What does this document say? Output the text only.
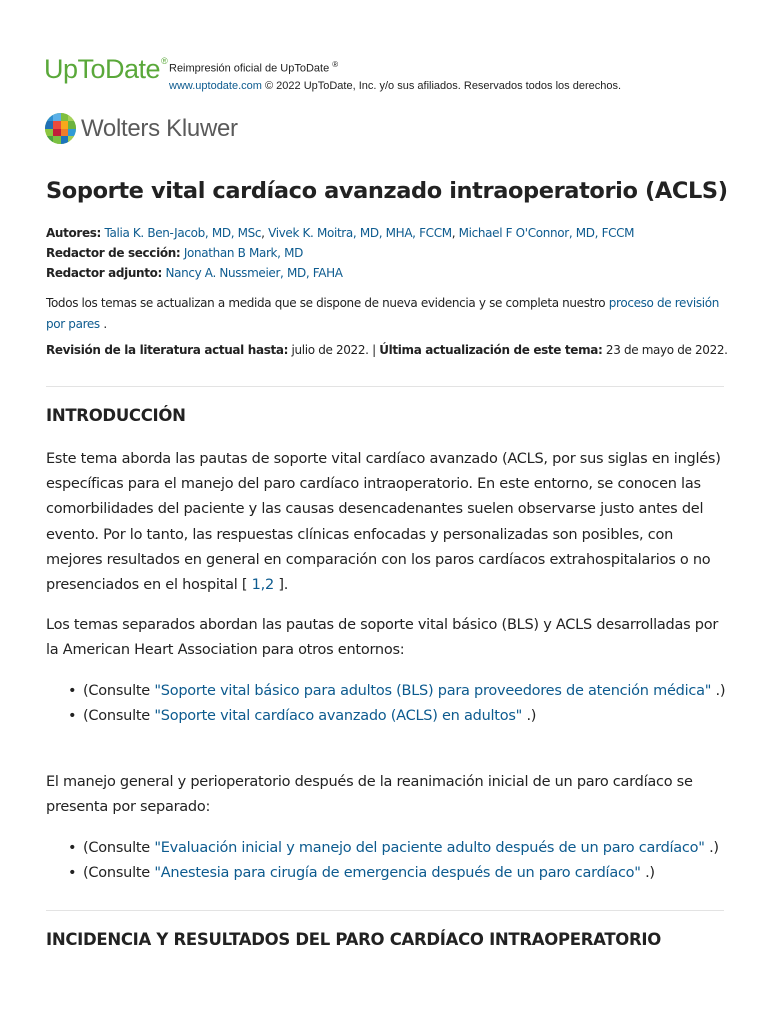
UpToDate®
Reimpresión oficial de UpToDate ®
www.uptodate.com © 2022 UpToDate, Inc. y/o sus afiliados. Reservados todos los derechos.
Wolters Kluwer
Soporte vital cardíaco avanzado intraoperatorio (ACLS)
Autores: Talia K. Ben-Jacob, MD, MSc, Vivek K. Moitra, MD, MHA, FCCM, Michael F O'Connor, MD, FCCM
Redactor de sección: Jonathan B Mark, MD
Redactor adjunto: Nancy A. Nussmeier, MD, FAHA
Todos los temas se actualizan a medida que se dispone de nueva evidencia y se completa nuestro proceso de revisión por pares .
Revisión de la literatura actual hasta: julio de 2022. | Última actualización de este tema: 23 de mayo de 2022.
INTRODUCCIÓN
Este tema aborda las pautas de soporte vital cardíaco avanzado (ACLS, por sus siglas en inglés) específicas para el manejo del paro cardíaco intraoperatorio. En este entorno, se conocen las comorbilidades del paciente y las causas desencadenantes suelen observarse justo antes del evento. Por lo tanto, las respuestas clínicas enfocadas y personalizadas son posibles, con mejores resultados en general en comparación con los paros cardíacos extrahospitalarios o no presenciados en el hospital [ 1,2 ].
Los temas separados abordan las pautas de soporte vital básico (BLS) y ACLS desarrolladas por la American Heart Association para otros entornos:
• (Consulte "Soporte vital básico para adultos (BLS) para proveedores de atención médica" .)
• (Consulte "Soporte vital cardíaco avanzado (ACLS) en adultos" .)
El manejo general y perioperatorio después de la reanimación inicial de un paro cardíaco se presenta por separado:
• (Consulte "Evaluación inicial y manejo del paciente adulto después de un paro cardíaco" .)
• (Consulte "Anestesia para cirugía de emergencia después de un paro cardíaco" .)
INCIDENCIA Y RESULTADOS DEL PARO CARDÍACO INTRAOPERATORIO
